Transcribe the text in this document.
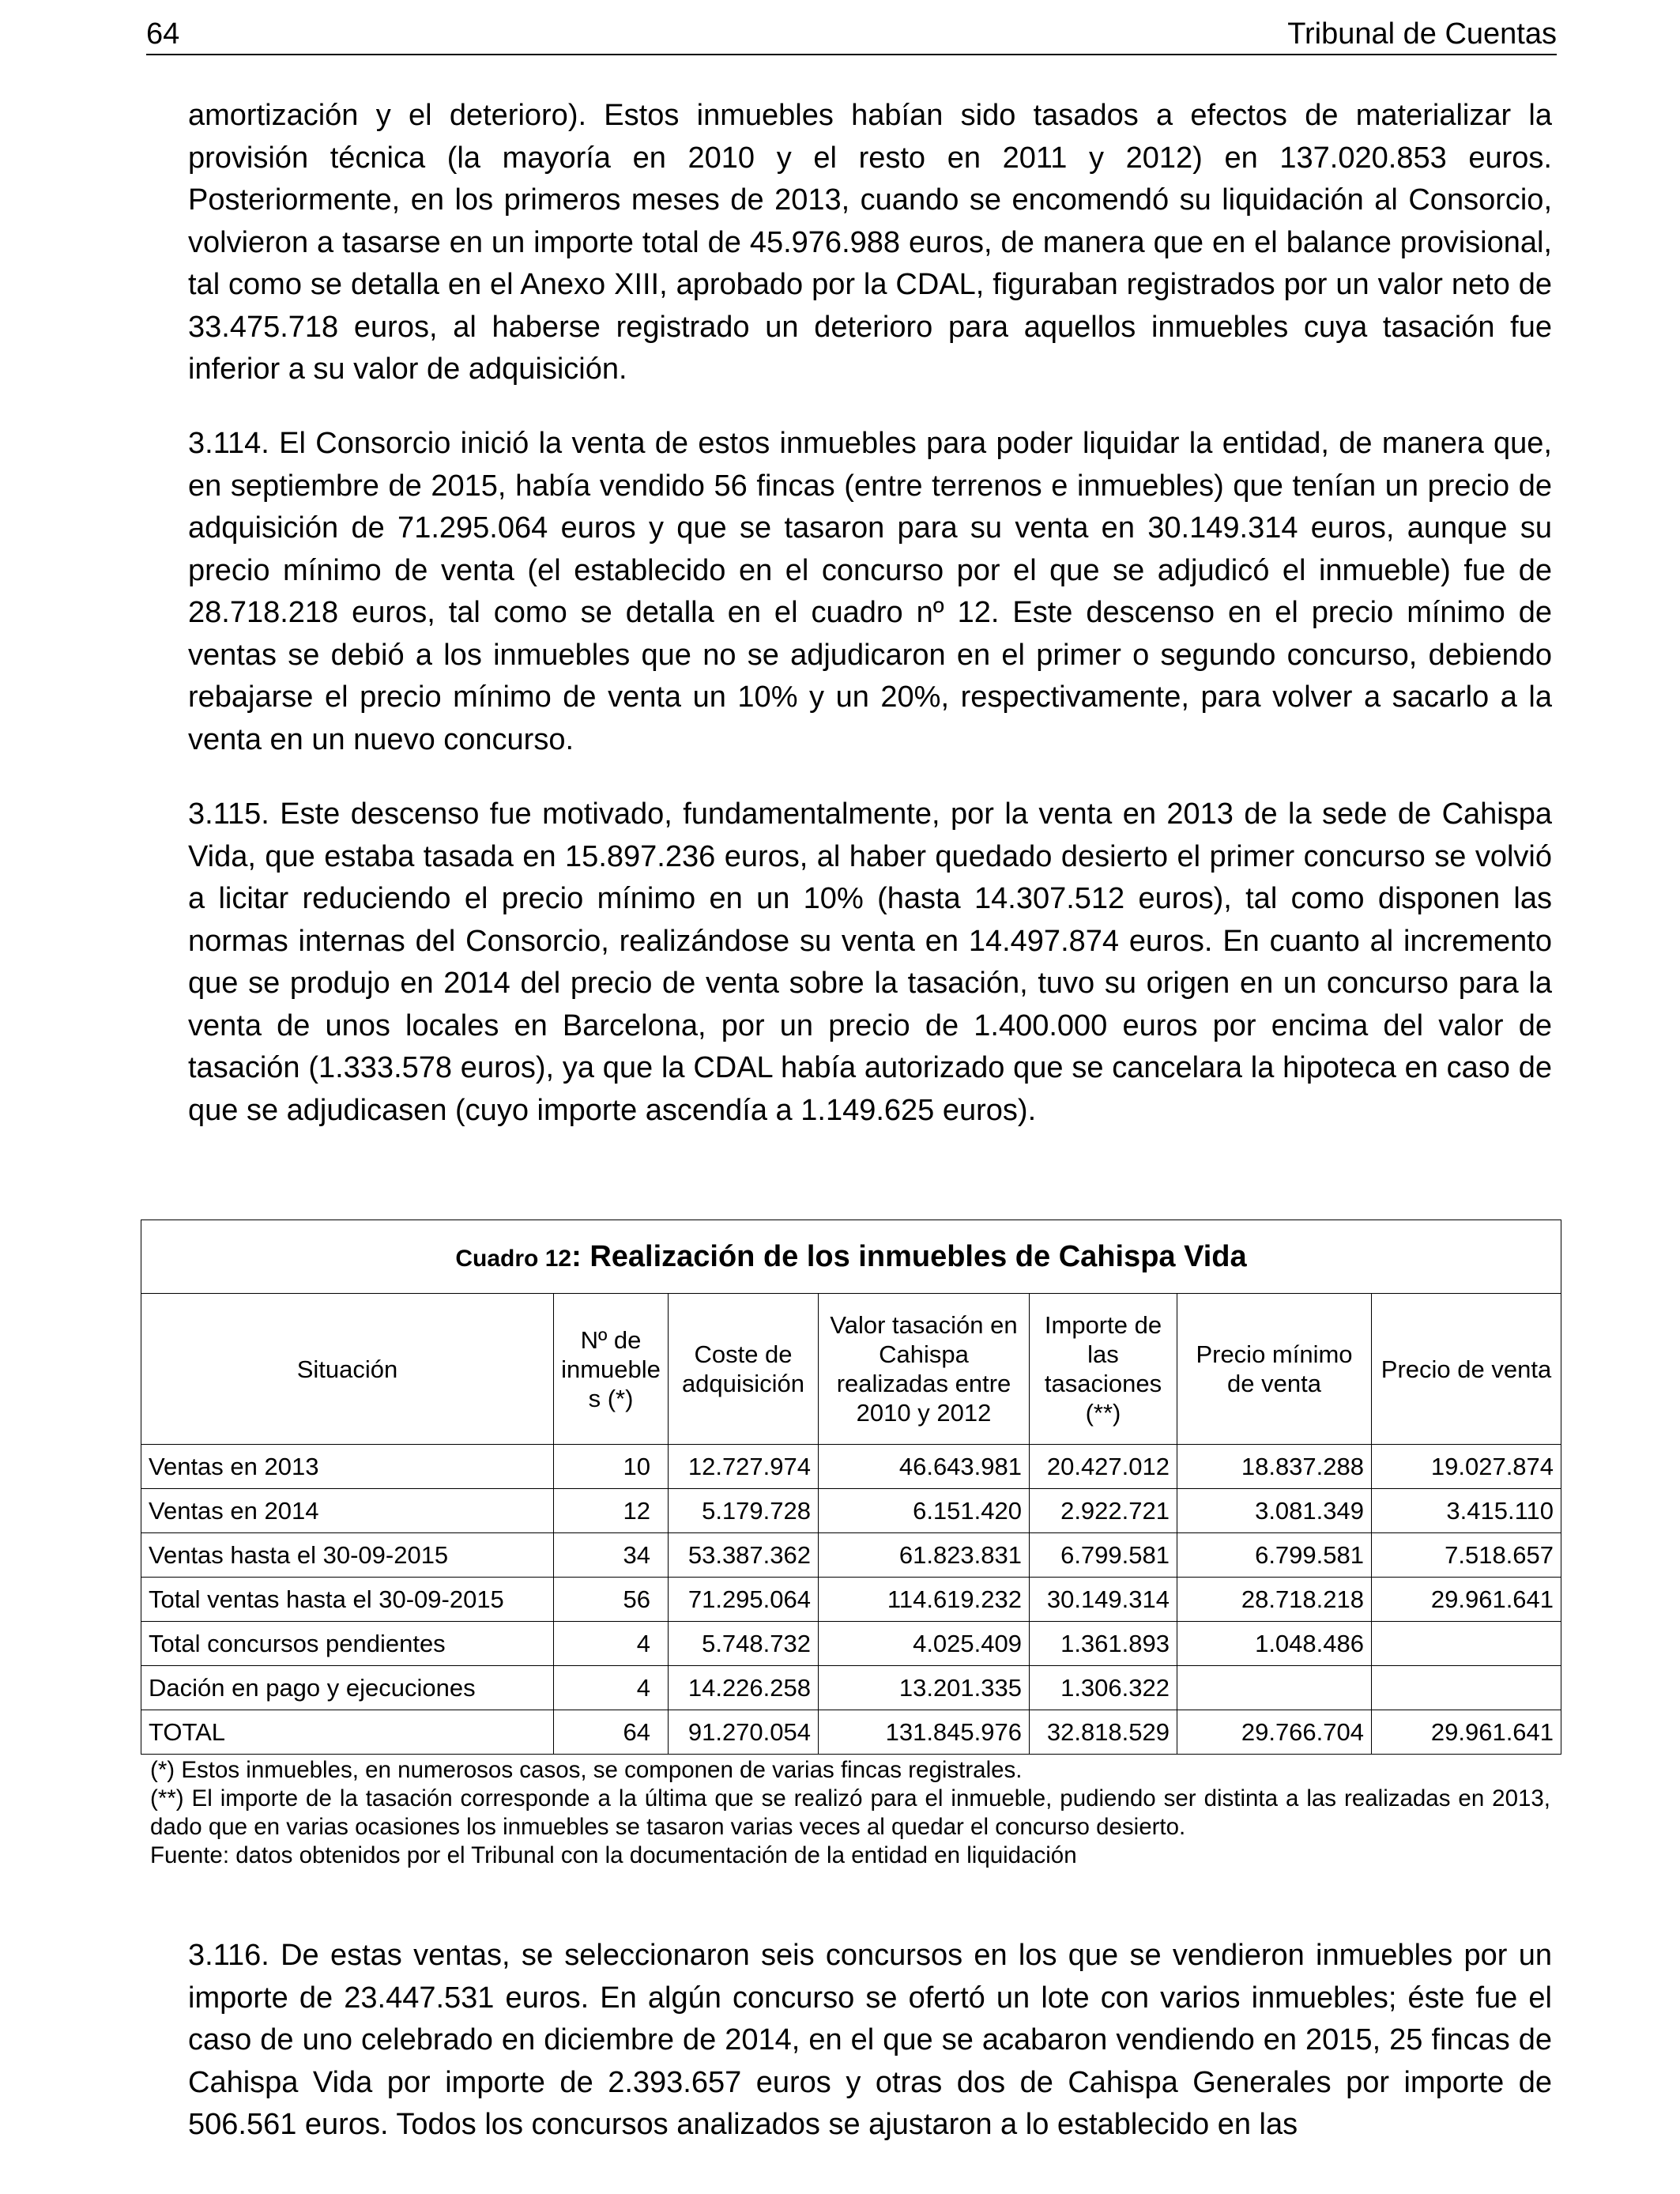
64	Tribunal de Cuentas

amortización y el deterioro). Estos inmuebles habían sido tasados a efectos de materializar la provisión técnica (la mayoría en 2010 y el resto en 2011 y 2012) en 137.020.853 euros. Posteriormente, en los primeros meses de 2013, cuando se encomendó su liquidación al Consorcio, volvieron a tasarse en un importe total de 45.976.988 euros, de manera que en el balance provisional, tal como se detalla en el Anexo XIII, aprobado por la CDAL, figuraban registrados por un valor neto de 33.475.718 euros, al haberse registrado un deterioro para aquellos inmuebles cuya tasación fue inferior a su valor de adquisición.

3.114. El Consorcio inició la venta de estos inmuebles para poder liquidar la entidad, de manera que, en septiembre de 2015, había vendido 56 fincas (entre terrenos e inmuebles) que tenían un precio de adquisición de 71.295.064 euros y que se tasaron para su venta en 30.149.314 euros, aunque su precio mínimo de venta (el establecido en el concurso por el que se adjudicó el inmueble) fue de 28.718.218 euros, tal como se detalla en el cuadro nº 12. Este descenso en el precio mínimo de ventas se debió a los inmuebles que no se adjudicaron en el primer o segundo concurso, debiendo rebajarse el precio mínimo de venta un 10% y un 20%, respectivamente, para volver a sacarlo a la venta en un nuevo concurso.

3.115. Este descenso fue motivado, fundamentalmente, por la venta en 2013 de la sede de Cahispa Vida, que estaba tasada en 15.897.236 euros, al haber quedado desierto el primer concurso se volvió a licitar reduciendo el precio mínimo en un 10% (hasta 14.307.512 euros), tal como disponen las normas internas del Consorcio, realizándose su venta en 14.497.874 euros. En cuanto al incremento que se produjo en 2014 del precio de venta sobre la tasación, tuvo su origen en un concurso para la venta de unos locales en Barcelona, por un precio de 1.400.000 euros por encima del valor de tasación (1.333.578 euros), ya que la CDAL había autorizado que se cancelara la hipoteca en caso de que se adjudicasen (cuyo importe ascendía a 1.149.625 euros).

Cuadro 12: Realización de los inmuebles de Cahispa Vida						
Situación	Nº de inmueble s (*)	Coste de adquisición	Valor tasación en Cahispa realizadas entre 2010 y 2012	Importe de las tasaciones (**)	Precio mínimo de venta	Precio de venta
Ventas en 2013	10	12.727.974	46.643.981	20.427.012	18.837.288	19.027.874
Ventas en 2014	12	5.179.728	6.151.420	2.922.721	3.081.349	3.415.110
Ventas hasta el 30-09-2015	34	53.387.362	61.823.831	6.799.581	6.799.581	7.518.657
Total ventas hasta el 30-09-2015	56	71.295.064	114.619.232	30.149.314	28.718.218	29.961.641
Total concursos pendientes	4	5.748.732	4.025.409	1.361.893	1.048.486	
Dación en pago y ejecuciones	4	14.226.258	13.201.335	1.306.322		
TOTAL	64	91.270.054	131.845.976	32.818.529	29.766.704	29.961.641
(*) Estos inmuebles, en numerosos casos, se componen de varias fincas registrales.
(**) El importe de la tasación corresponde a la última que se realizó para el inmueble, pudiendo ser distinta a las realizadas en 2013, dado que en varias ocasiones los inmuebles se tasaron varias veces al quedar el concurso desierto.
Fuente: datos obtenidos por el Tribunal con la documentación de la entidad en liquidación

3.116. De estas ventas, se seleccionaron seis concursos en los que se vendieron inmuebles por un importe de 23.447.531 euros. En algún concurso se ofertó un lote con varios inmuebles; éste fue el caso de uno celebrado en diciembre de 2014, en el que se acabaron vendiendo en 2015, 25 fincas de Cahispa Vida por importe de 2.393.657 euros y otras dos de Cahispa Generales por importe de 506.561 euros. Todos los concursos analizados se ajustaron a lo establecido en las
